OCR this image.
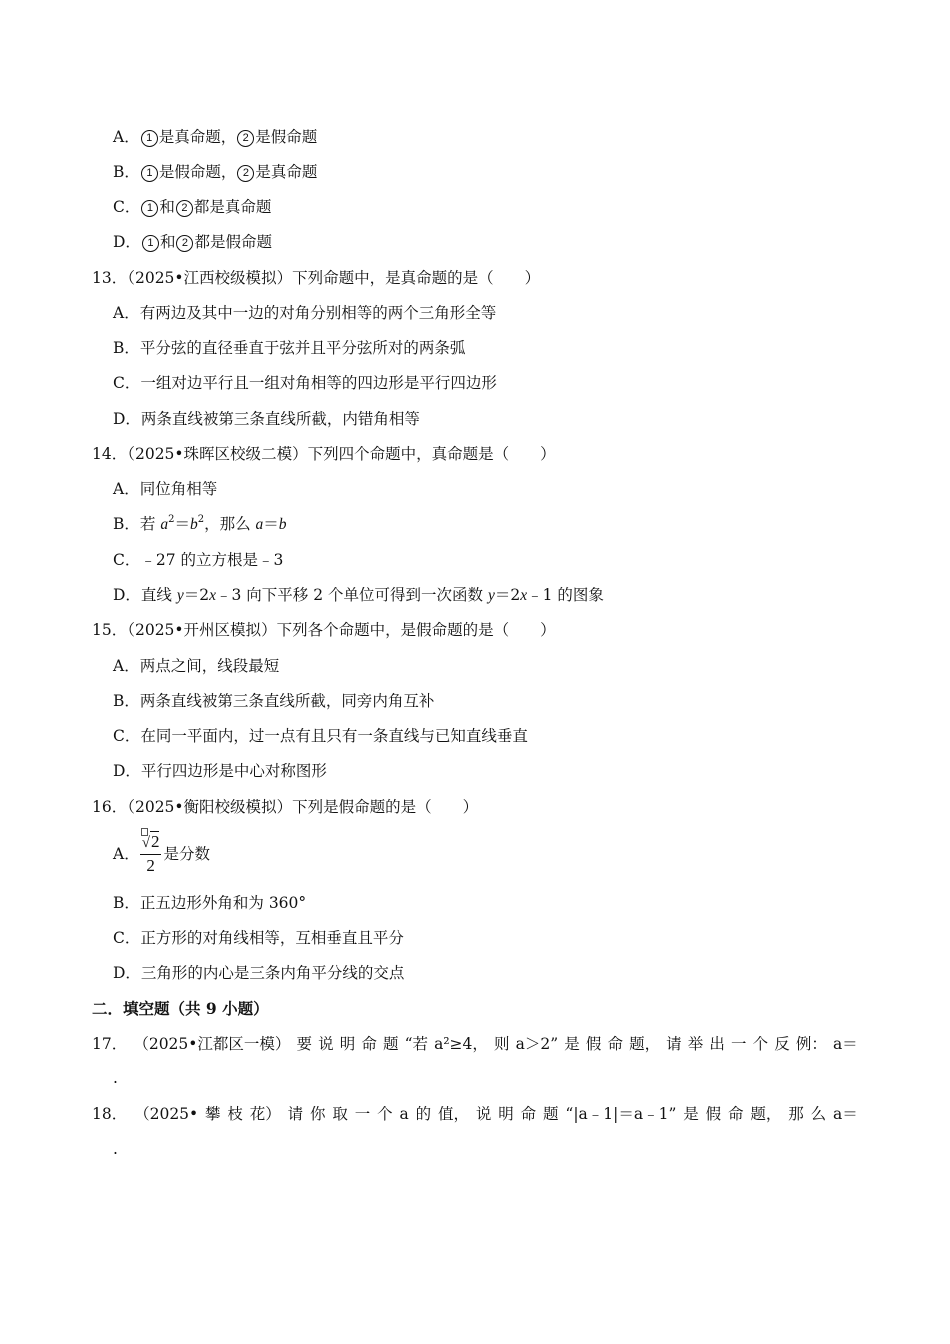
A． 1 是真命题， 2 是假命题
B． 1 是假命题， 2 是真命题
C． 1 和 2 都是真命题
D． 1 和 2 都是假命题
13．（2025•江西校级模拟）下列命题中，是真命题的是（　　）
A．有两边及其中一边的对角分别相等的两个三角形全等
B．平分弦的直径垂直于弦并且平分弦所对的两条弧
C．一组对边平行且一组对角相等的四边形是平行四边形
D．两条直线被第三条直线所截，内错角相等
14．（2025•珠晖区校级二模）下列四个命题中，真命题是（　　）
A．同位角相等
B．若 $a^2=b^2$，那么 a＝b
C．﹣27 的立方根是﹣3
D．直线 y＝2x﹣3 向下平移 2 个单位可得到一次函数 y＝2x﹣1 的图象
15．（2025•开州区模拟）下列各个命题中，是假命题的是（　　）
A．两点之间，线段最短
B．两条直线被第三条直线所截，同旁内角互补
C．在同一平面内，过一点有且只有一条直线与已知直线垂直
D．平行四边形是中心对称图形
16．（2025•衡阳校级模拟）下列是假命题的是（　　）
A． $\frac{√2}{2}$ 是分数
B．正五边形外角和为 360°
C．正方形的对角线相等，互相垂直且平分
D．三角形的内心是三条内角平分线的交点
二．填空题（共 9 小题）
17． （2025•江都区一模） 要 说 明 命 题 “若 a²≥4， 则 a＞2” 是 假 命 题， 请 举 出 一 个 反 例： a＝
.
18． （2025• 攀 枝 花） 请 你 取 一 个 a 的 值， 说 明 命 题 “|a﹣1|＝a﹣1” 是 假 命 题， 那 么 a＝
.
